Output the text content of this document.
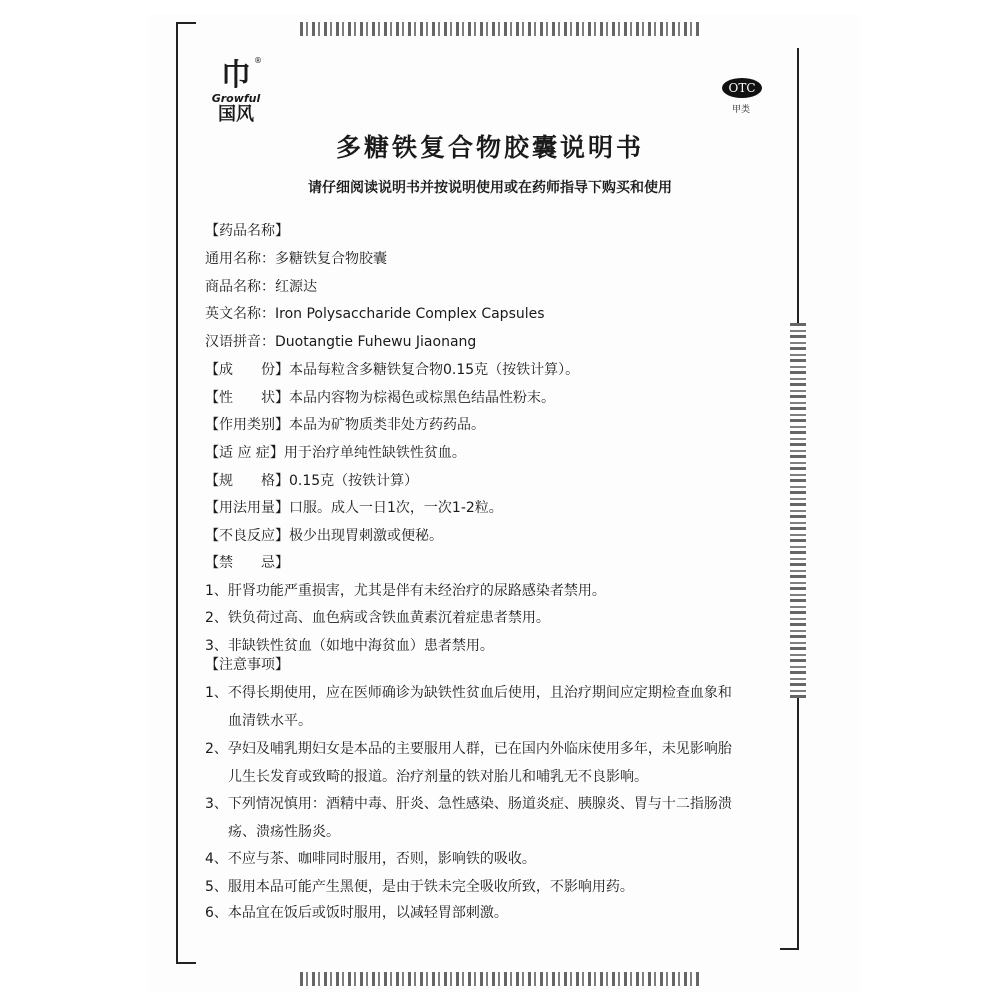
巾
Growful
国风
®
OTC
甲类
多糖铁复合物胶囊说明书
请仔细阅读说明书并按说明使用或在药师指导下购买和使用
【药品名称】
通用名称：多糖铁复合物胶囊
商品名称：红源达
英文名称：Iron Polysaccharide Complex Capsules
汉语拼音：Duotangtie Fuhewu Jiaonang
【成　　份】本品每粒含多糖铁复合物0.15克（按铁计算）。
【性　　状】本品内容物为棕褐色或棕黑色结晶性粉末。
【作用类别】本品为矿物质类非处方药药品。
【适 应 症】用于治疗单纯性缺铁性贫血。
【规　　格】0.15克（按铁计算）
【用法用量】口服。成人一日1次，一次1-2粒。
【不良反应】极少出现胃刺激或便秘。
【禁　　忌】
1、肝肾功能严重损害，尤其是伴有未经治疗的尿路感染者禁用。
2、铁负荷过高、血色病或含铁血黄素沉着症患者禁用。
3、非缺铁性贫血（如地中海贫血）患者禁用。
【注意事项】
1、不得长期使用，应在医师确诊为缺铁性贫血后使用，且治疗期间应定期检查血象和
血清铁水平。
2、孕妇及哺乳期妇女是本品的主要服用人群，已在国内外临床使用多年，未见影响胎
儿生长发育或致畸的报道。治疗剂量的铁对胎儿和哺乳无不良影响。
3、下列情况慎用：酒精中毒、肝炎、急性感染、肠道炎症、胰腺炎、胃与十二指肠溃
疡、溃疡性肠炎。
4、不应与茶、咖啡同时服用，否则，影响铁的吸收。
5、服用本品可能产生黑便，是由于铁未完全吸收所致，不影响用药。
6、本品宜在饭后或饭时服用，以减轻胃部刺激。
